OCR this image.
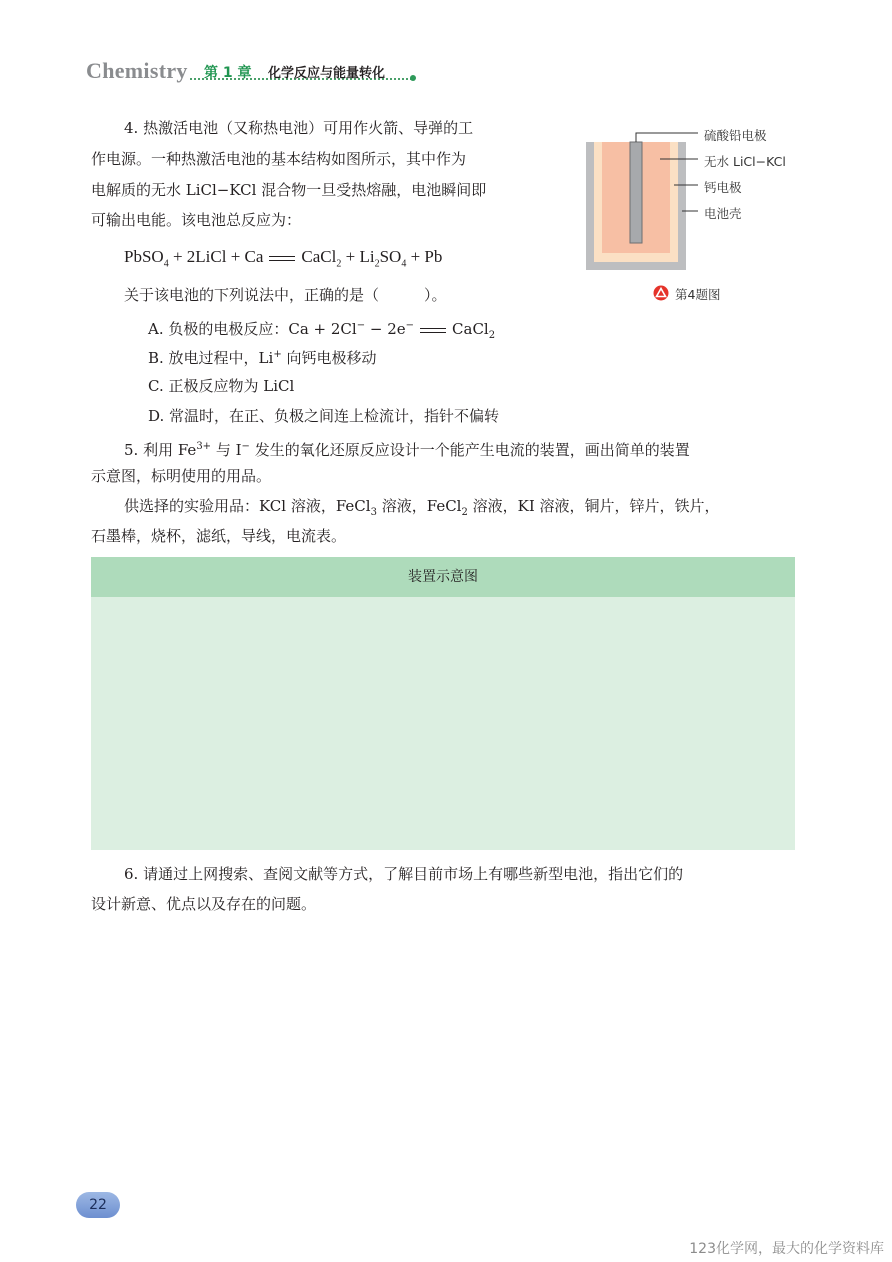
Chemistry 第 1 章 化学反应与能量转化
4. 热激活电池（又称热电池）可用作火箭、导弹的工
作电源。一种热激活电池的基本结构如图所示，其中作为
电解质的无水 LiCl−KCl 混合物一旦受热熔融，电池瞬间即
可输出电能。该电池总反应为：
PbSO$_4$ + 2LiCl + Ca CaCl$_2$ + $Li_2SO_4 + Pb$
关于该电池的下列说法中，正确的是（　　　）。
A. 负极的电极反应：Ca + 2Cl− − 2e−	CaCl$_2$
B. 放电过程中，Li+ 向钙电极移动
C. 正极反应物为 LiCl
D. 常温时，在正、负极之间连上检流计，指针不偏转
硫酸铅电极
无水 LiCl−KCl
钙电极
电池壳
第4题图
5. 利用 $Fe^{3+}$ 与 I− 发生的氧化还原反应设计一个能产生电流的装置，画出简单的装置
示意图，标明使用的用品。
供选择的实验用品：KCl 溶液，FeCl$_3$ 溶液，FeCl$_2$ 溶液，KI 溶液，铜片，锌片，铁片，
石墨棒，烧杯，滤纸，导线，电流表。
装置示意图
6. 请通过上网搜索、查阅文献等方式，了解目前市场上有哪些新型电池，指出它们的
设计新意、优点以及存在的问题。
22
123化学网，最大的化学资料库
